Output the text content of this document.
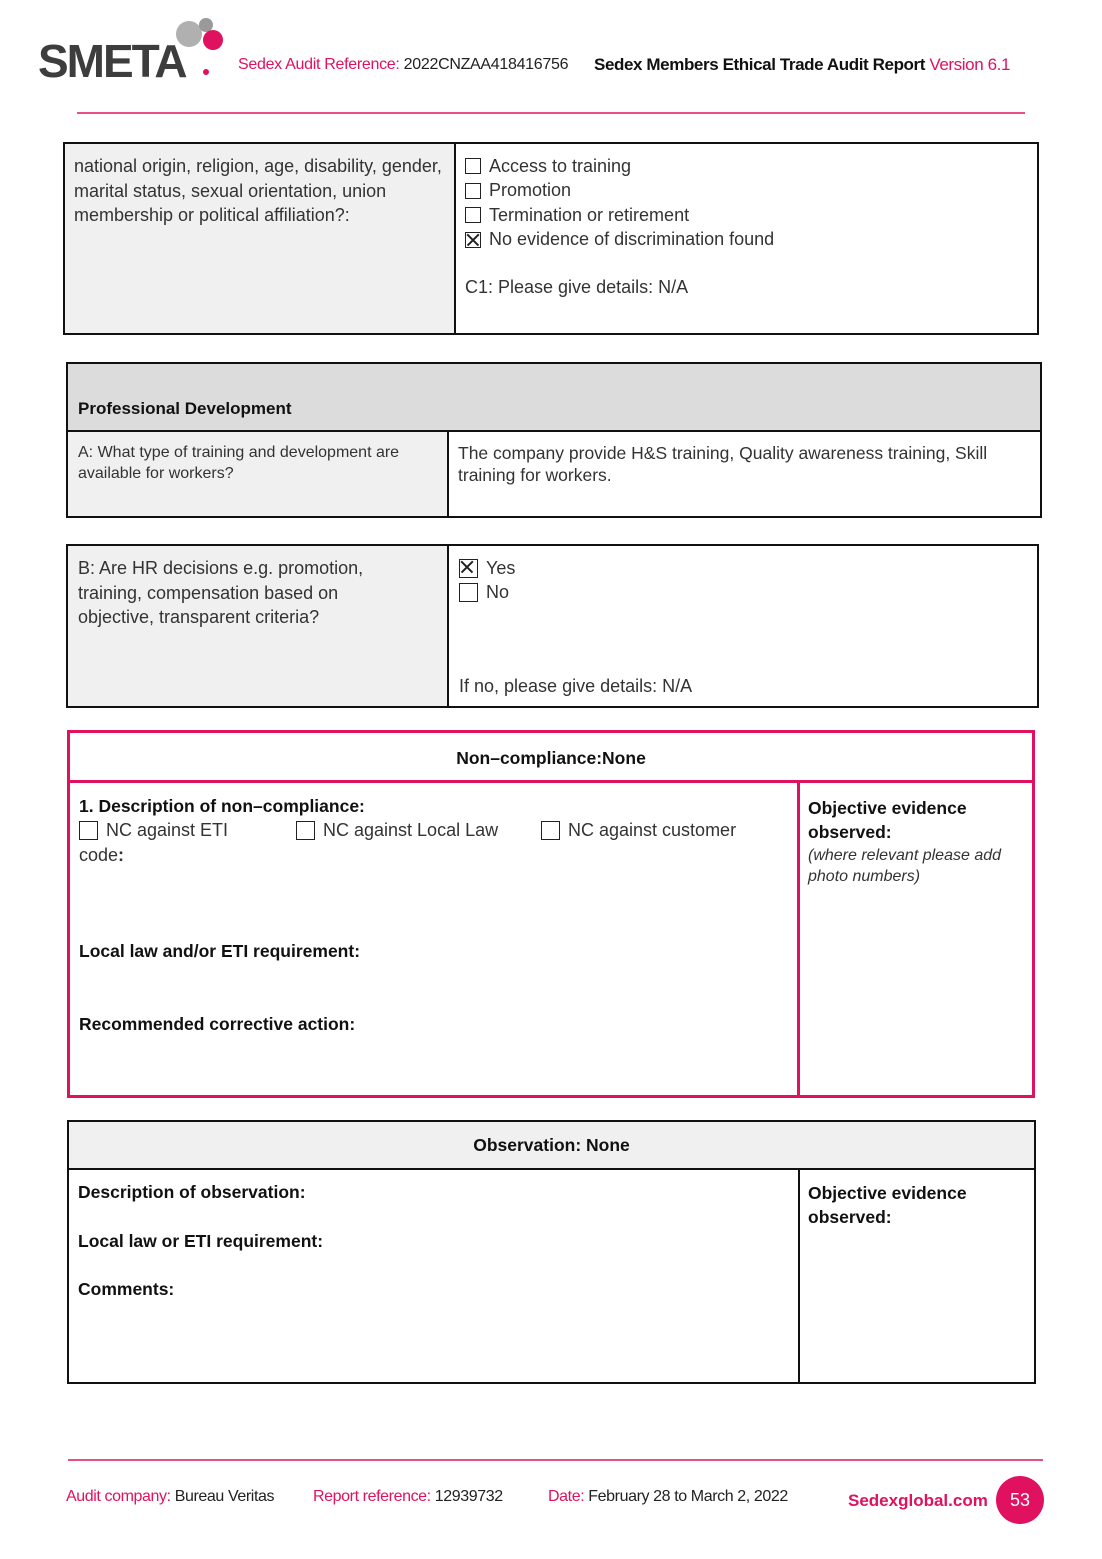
SMETA	Sedex Audit Reference: 2022CNZAA418416756 Sedex Members Ethical Trade Audit Report Version 6.1
national origin, religion, age, disability, gender, marital status, sexual orientation, union membership or political affiliation?:
Access to training
Promotion
Termination or retirement
No evidence of discrimination found
C1: Please give details: N/A
Professional Development
A: What type of training and development are available for workers?
The company provide H&S training, Quality awareness training, Skill training for workers.
B: Are HR decisions e.g. promotion, training, compensation based on objective, transparent criteria?
Yes
No
If no, please give details: N/A
Non–compliance:None
1. Description of non–compliance:
NC against ETI	NC against Local Law	NC against customer
code:
Local law and/or ETI requirement:
Recommended corrective action:
Objective evidence observed:
(where relevant please add photo numbers)
Observation: None
Description of observation:
Local law or ETI requirement:
Comments:
Objective evidence observed:
Audit company: Bureau Veritas Report reference: 12939732	Date: February 28 to March 2, 2022	Sedexglobal.com 53
